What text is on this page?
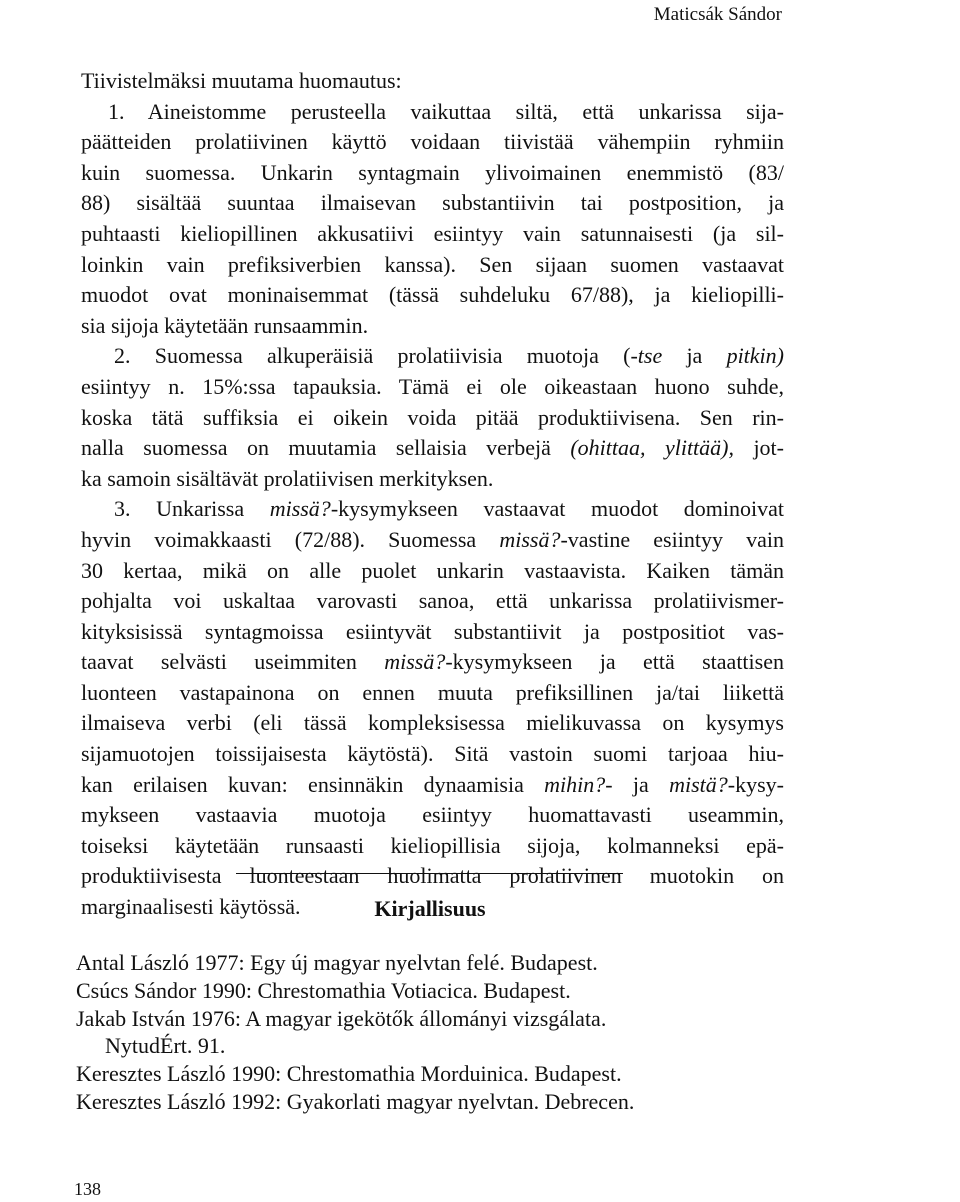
Maticsák Sándor
Tiivistelmäksi muutama huomautus:
1. Aineistomme perusteella vaikuttaa siltä, että unkarissa sija-
päätteiden prolatiivinen käyttö voidaan tiivistää vähempiin ryhmiin
kuin suomessa. Unkarin syntagmain ylivoimainen enemmistö (83/
88) sisältää suuntaa ilmaisevan substantiivin tai postposition, ja
puhtaasti kieliopillinen akkusatiivi esiintyy vain satunnaisesti (ja sil-
loinkin vain prefiksiverbien kanssa). Sen sijaan suomen vastaavat
muodot ovat moninaisemmat (tässä suhdeluku 67/88), ja kieliopilli-
sia sijoja käytetään runsaammin.
2. Suomessa alkuperäisiä prolatiivisia muotoja (-tse ja pitkin)
esiintyy n. 15%:ssa tapauksia. Tämä ei ole oikeastaan huono suhde,
koska tätä suffiksia ei oikein voida pitää produktiivisena. Sen rin-
nalla suomessa on muutamia sellaisia verbejä (ohittaa, ylittää), jot-
ka samoin sisältävät prolatiivisen merkityksen.
3. Unkarissa missä?-kysymykseen vastaavat muodot dominoivat
hyvin voimakkaasti (72/88). Suomessa missä?-vastine esiintyy vain
30 kertaa, mikä on alle puolet unkarin vastaavista. Kaiken tämän
pohjalta voi uskaltaa varovasti sanoa, että unkarissa prolatiivismer-
kityksisissä syntagmoissa esiintyvät substantiivit ja postpositiot vas-
taavat selvästi useimmiten missä?-kysymykseen ja että staattisen
luonteen vastapainona on ennen muuta prefiksillinen ja/tai liikettä
ilmaiseva verbi (eli tässä kompleksisessa mielikuvassa on kysymys
sijamuotojen toissijaisesta käytöstä). Sitä vastoin suomi tarjoaa hiu-
kan erilaisen kuvan: ensinnäkin dynaamisia mihin?- ja mistä?-kysy-
mykseen vastaavia muotoja esiintyy huomattavasti useammin,
toiseksi käytetään runsaasti kieliopillisia sijoja, kolmanneksi epä-
produktiivisesta luonteestaan huolimatta prolatiivinen muotokin on
marginaalisesti käytössä.	Kirjallisuus
Antal László 1977: Egy új magyar nyelvtan felé. Budapest.
Csúcs Sándor 1990: Chrestomathia Votiacica. Budapest.
Jakab István 1976: A magyar igekötők állományi vizsgálata.
NytudÉrt. 91.
Keresztes László 1990: Chrestomathia Morduinica. Budapest.
Keresztes László 1992: Gyakorlati magyar nyelvtan. Debrecen.
138
